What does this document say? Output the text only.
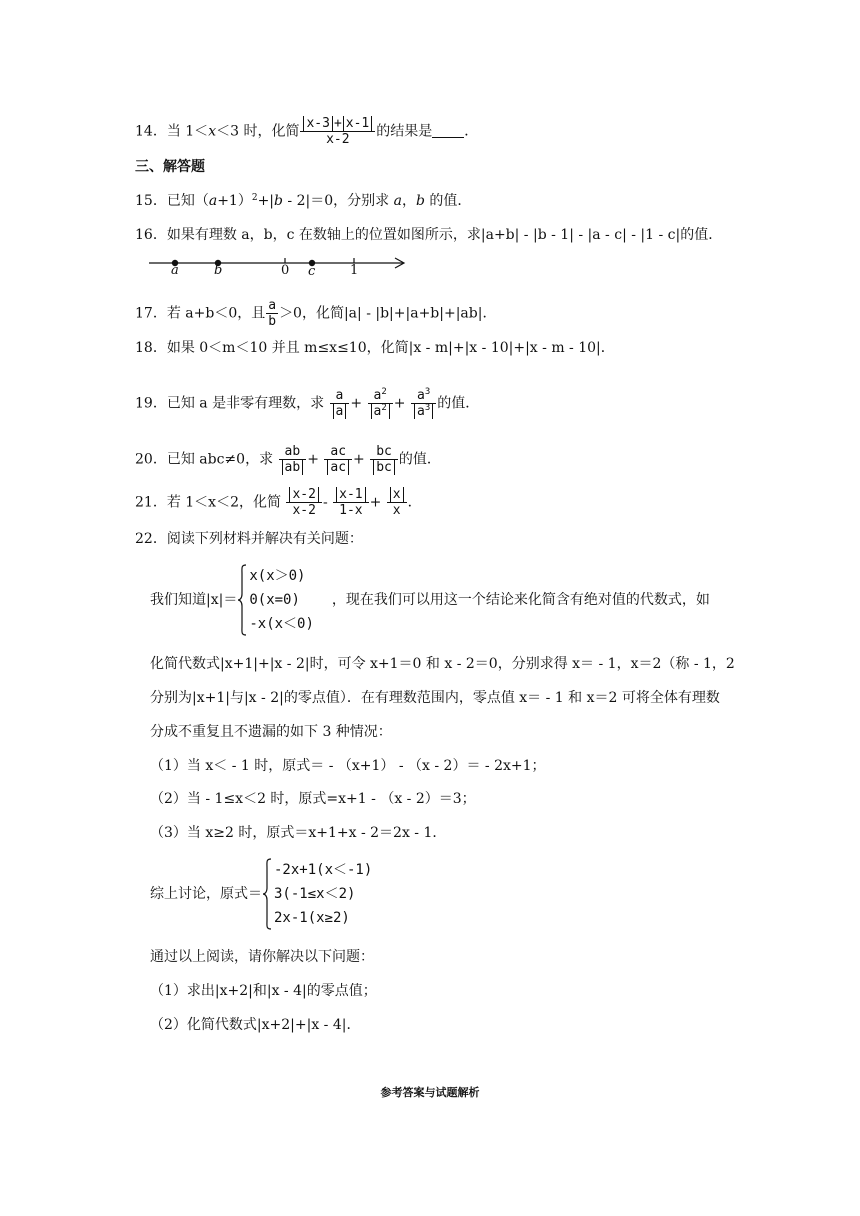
14．当 1＜x＜3 时，化简 $\frac{x-3 + x-1}{x-2}$ 的结果是 ．
三、解答题
15．已知$(a+1)^2+|b - 2|=0$，分别求 a，b 的值．
16．如果有理数 a，b，c 在数轴上的位置如图所示，求|a+b| - |b - 1| - |a - c| - |1 - c|的值．
a	b	0 c	1
17．若 a+b＜0，且 $\frac{a}{b} >0$，化简|a| - |b|+|a+b|+|ab|．
18．如果 0＜m＜10 并且 m≤x≤10，化简|x - m|+|x - 10|+|x - m - 10|．
19．已知 a 是非零有理数，求 $\frac{a}{a} + \frac{a^2}{a^2} + \frac{a^3}{a^3}$ 的值．
20．已知 abc≠0，求 $\frac{ab}{ab} + \frac{ac}{ac} + \frac{bc}{bc}$ 的值．
21．若 1＜x＜2，化简 $\frac{x-2}{x-2} - \frac{x-1}{1-x} + \frac{x}{x}$ ．
22．阅读下列材料并解决有关问题：
我们知道|x|＝
x(x＞0)
0(x=0)
-x(x＜0)
，现在我们可以用这一个结论来化简含有绝对值的代数式，如
化简代数式|x+1|+|x - 2|时，可令 x+1＝0 和 x - 2＝0，分别求得 x＝ - 1，x＝2（称 - 1，2
分别为|x+1|与|x - 2|的零点值）．在有理数范围内，零点值 x＝ - 1 和 x＝2 可将全体有理数
分成不重复且不遗漏的如下 3 种情况：
（1）当 x＜ - 1 时，原式＝ - （x+1） - （x - 2）＝ - 2x+1；
（2）当 - 1≤x＜2 时，原式=x+1 - （x - 2）＝3；
（3）当 x≥2 时，原式＝x+1+x - 2＝2x - 1．
综上讨论，原式＝
-2x+1(x＜-1)
3(-1≤x＜2)
2x-1(x≥2)
通过以上阅读，请你解决以下问题：
（1）求出|x+2|和|x - 4|的零点值；
（2）化简代数式|x+2|+|x - 4|．
参考答案与试题解析
